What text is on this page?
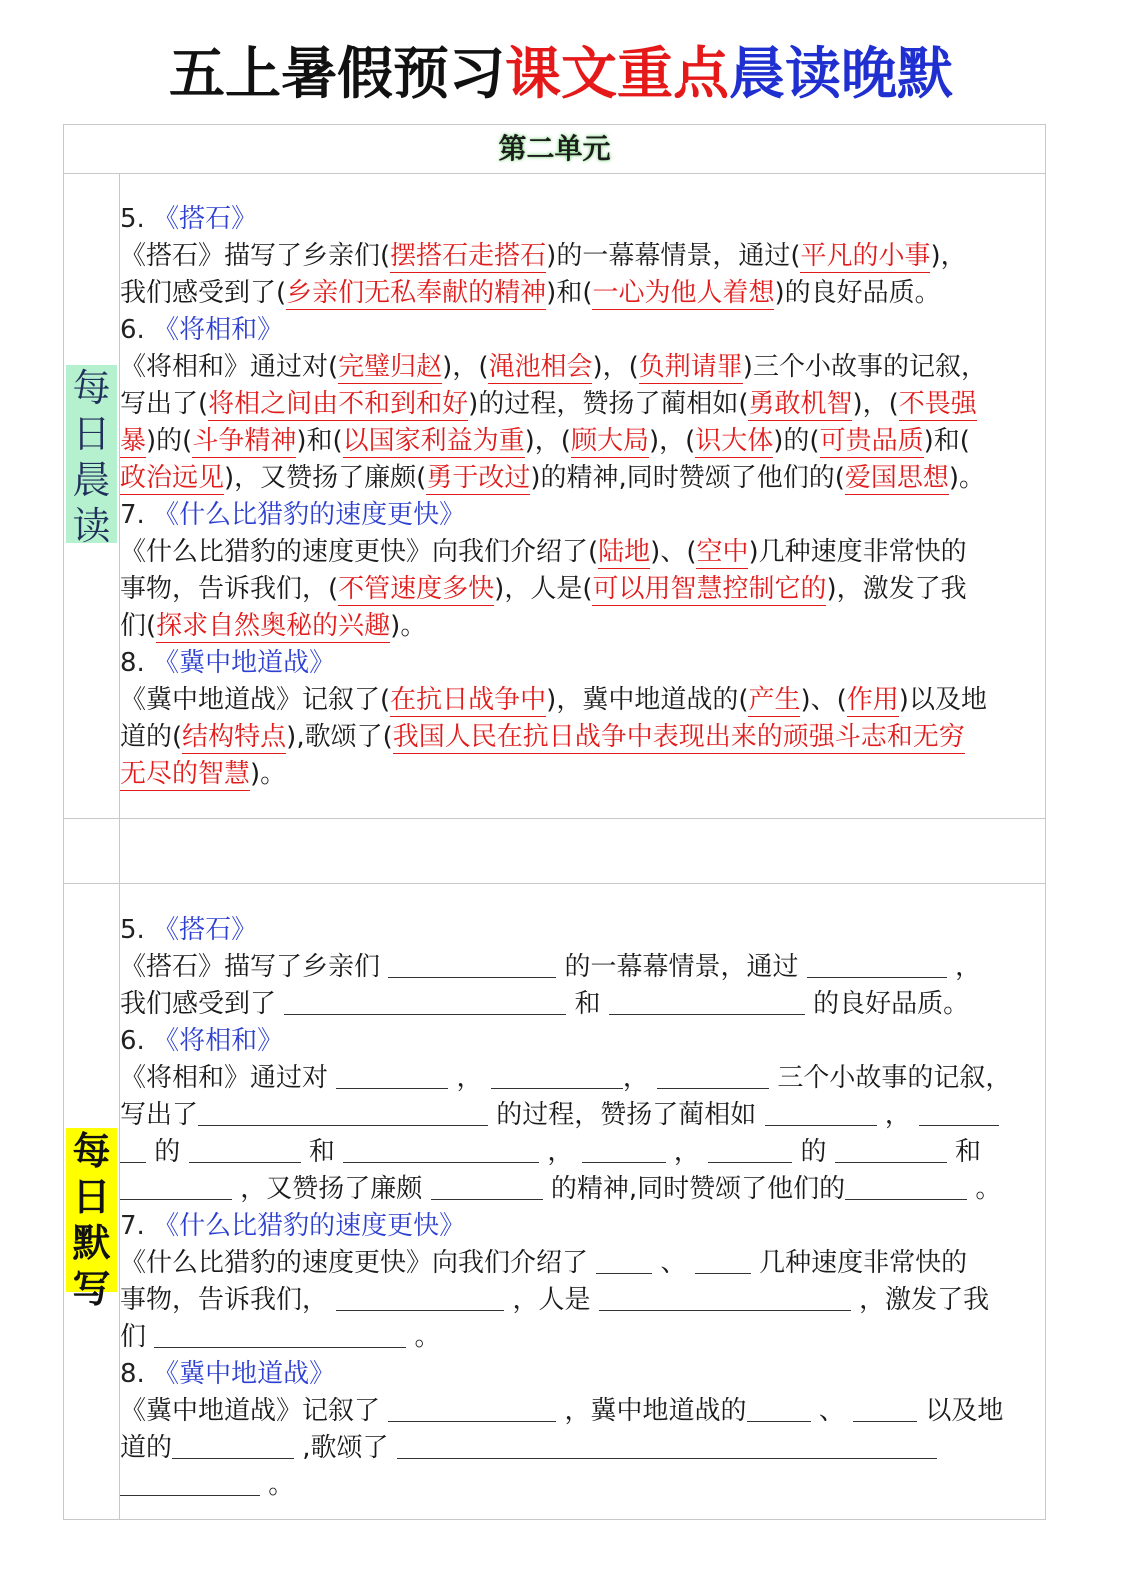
五上暑假预习课文重点晨读晚默
第二单元
每
日
晨
读

5. 《搭石》

《搭石》描写了乡亲们(摆搭石走搭石)的一幕幕情景，通过(平凡的小事)，
我们感受到了(乡亲们无私奉献的精神)和(一心为他人着想)的良好品质。

6. 《将相和》

《将相和》通过对(完璧归赵)，(渑池相会)，(负荆请罪)三个小故事的记叙，
写出了(将相之间由不和到和好)的过程，赞扬了蔺相如(勇敢机智)，(不畏强
暴)的(斗争精神)和(以国家利益为重)，(顾大局)，(识大体)的(可贵品质)和(
政治远见)，又赞扬了廉颇(勇于改过)的精神,同时赞颂了他们的(爱国思想)。

7. 《什么比猎豹的速度更快》

《什么比猎豹的速度更快》向我们介绍了(陆地)、(空中)几种速度非常快的
事物，告诉我们，(不管速度多快)，人是(可以用智慧控制它的)，激发了我
们(探求自然奥秘的兴趣)。

8. 《冀中地道战》

《冀中地道战》记叙了(在抗日战争中)，冀中地道战的(产生)、(作用)以及地
道的(结构特点),歌颂了(我国人民在抗日战争中表现出来的顽强斗志和无穷
无尽的智慧)。

每
日
默
写

5. 《搭石》

《搭石》描写了乡亲们	的一幕幕情景，通过	，
我们感受到了	和	的良好品质。

6. 《将相和》

《将相和》通过对	，	，	三个小故事的记叙，
写出了	的过程，赞扬了蔺相如	，
的	和	，	，	的	和
，又赞扬了廉颇	的精神,同时赞颂了他们的	。

7. 《什么比猎豹的速度更快》

《什么比猎豹的速度更快》向我们介绍了	、	几种速度非常快的
事物，告诉我们，	，人是	，激发了我
们	。

8. 《冀中地道战》

《冀中地道战》记叙了	，冀中地道战的	、	以及地
道的	,歌颂了
。
